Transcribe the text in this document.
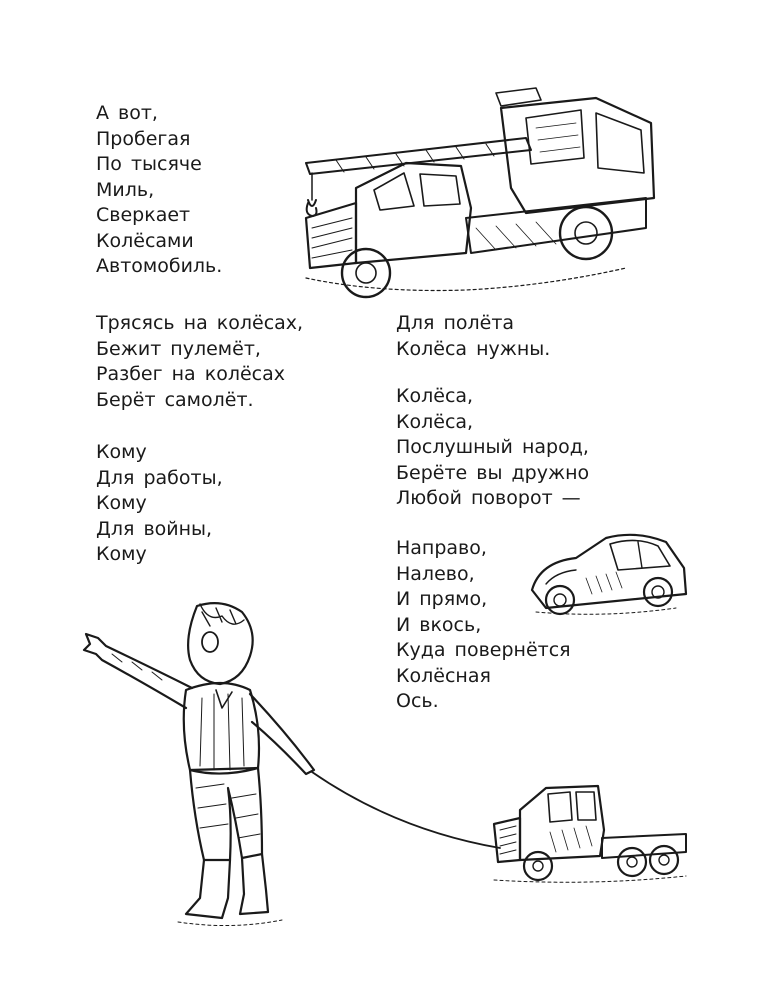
А вот,
Пробегая
По тысяче
Миль,
Сверкает
Колёсами
Автомобиль.
Трясясь на колёсах,
Бежит пулемёт,
Разбег на колёсах
Берёт самолёт.
Кому
Для работы,
Кому
Для войны,
Кому
Для полёта
Колёса нужны.
Колёса,
Колёса,
Послушный народ,
Берёте вы дружно
Любой поворот —
Направо,
Налево,
И прямо,
И вкось,
Куда повернётся
Колёсная
Ось.
